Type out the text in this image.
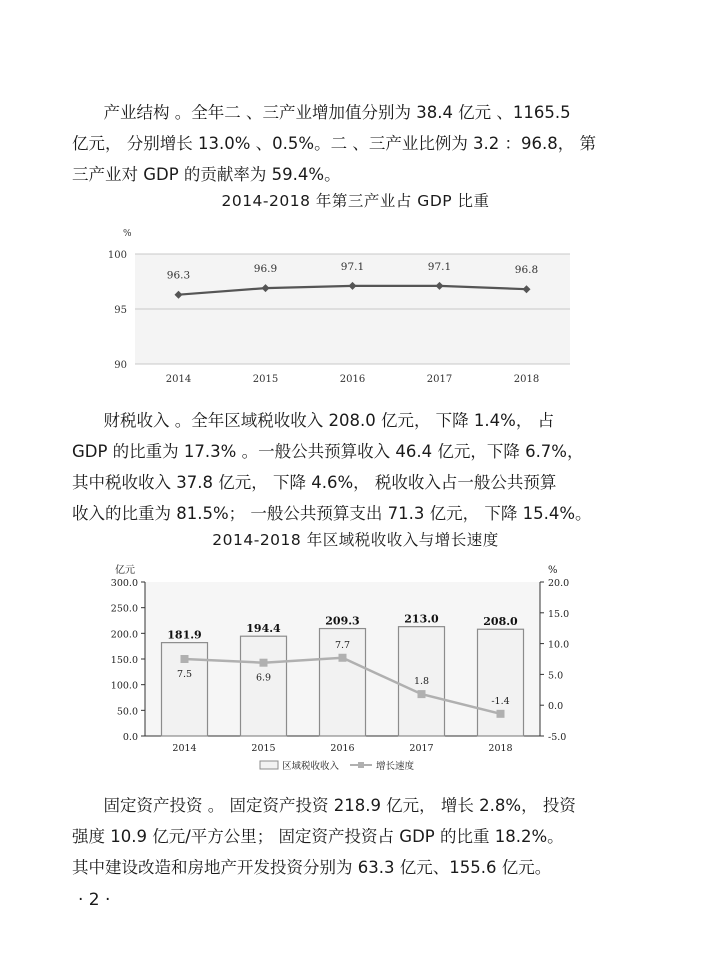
产业结构 。全年二 、三产业增加值分别为 38.4 亿元 、1165.5
亿元， 分别增长 13.0% 、0.5%。二 、三产业比例为 3.2 ：96.8， 第
三产业对 GDP 的贡献率为 59.4%。

2014-2018 年第三产业占 GDP 比重
90
95
100
%
2014	2015	2016	2017	2018
96.3
96.9	97.1	97.1	96.8

财税收入 。全年区域税收收入 208.0 亿元， 下降 1.4%， 占
GDP 的比重为 17.3% 。一般公共预算收入 46.4 亿元，下降 6.7%，
其中税收收入 37.8 亿元， 下降 4.6%， 税收收入占一般公共预算
收入的比重为 81.5%； 一般公共预算支出 71.3 亿元， 下降 15.4%。

2014-2018 年区域税收收入与增长速度
0.0
50.0
100.0
150.0
200.0
250.0
300.0
-5.0
0.0
5.0
10.0
15.0
20.0
亿元	%
181.9
2014
194.4
2015
209.3
2016
213.0
2017
208.0
2018
7.5	6.9
7.7
1.8
-1.4
区域税收收入	增长速度

固定资产投资 。 固定资产投资 218.9 亿元， 增长 2.8%， 投资
强度 10.9 亿元/平方公里； 固定资产投资占 GDP 的比重 18.2%。
其中建设改造和房地产开发投资分别为 63.3 亿元、155.6 亿元。

· 2 ·
